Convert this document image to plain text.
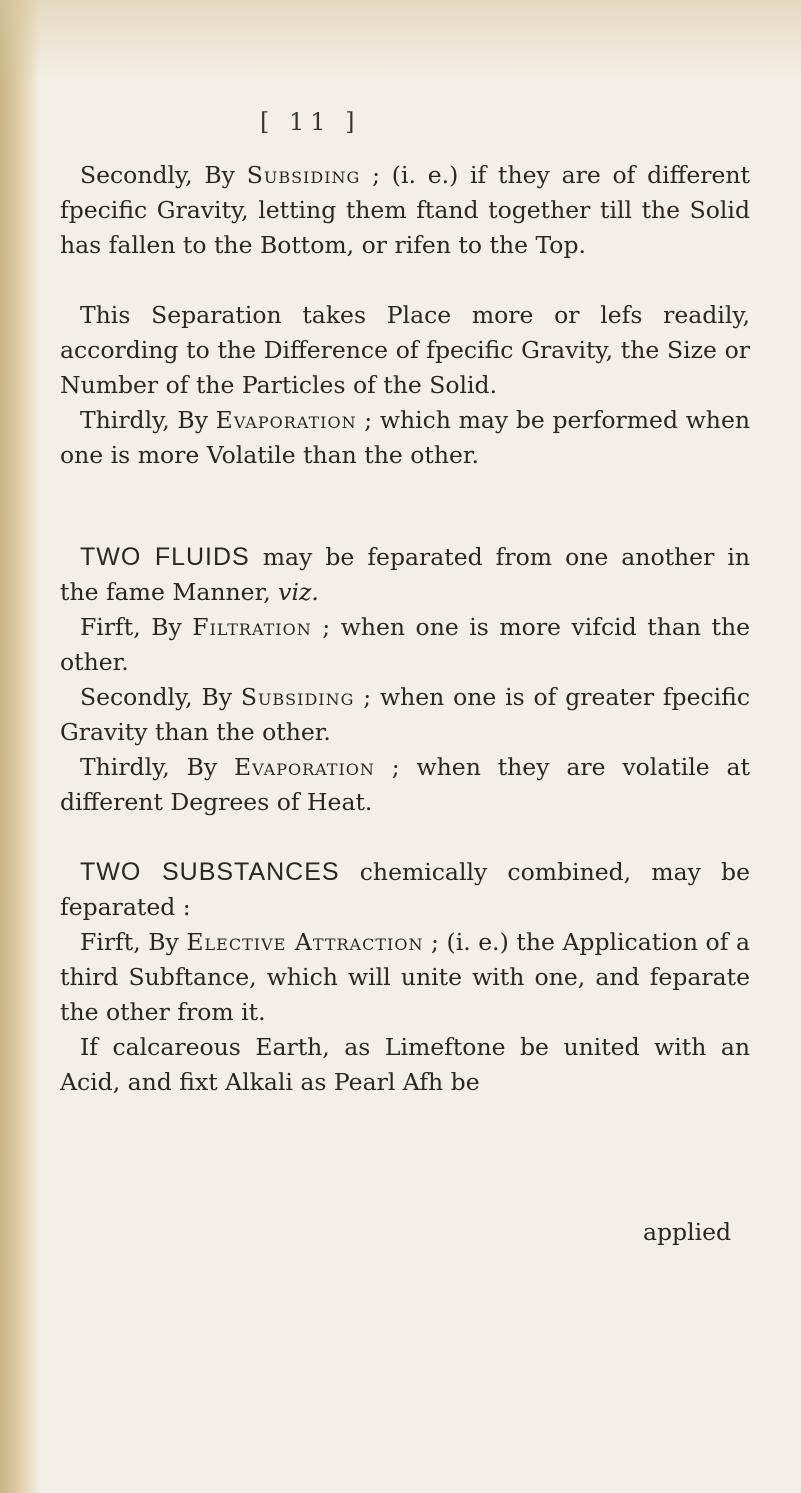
[ 11 ]

Secondly, By Subsiding ; (i. e.) if they are of different fpecific Gravity, letting them ftand together till the Solid has fallen to the Bottom, or rifen to the Top.

This Separation takes Place more or lefs readily, according to the Difference of fpecific Gravity, the Size or Number of the Particles of the Solid.

Thirdly, By Evaporation ; which may be performed when one is more Volatile than the other.

TWO FLUIDS may be feparated from one another in the fame Manner, viz.

Firft, By Filtration ; when one is more vifcid than the other.

Secondly, By Subsiding ; when one is of greater fpecific Gravity than the other.

Thirdly, By Evaporation ; when they are volatile at different Degrees of Heat.

TWO SUBSTANCES chemically combined, may be feparated :

Firft, By Elective Attraction ; (i. e.) the Application of a third Subftance, which will unite with one, and feparate the other from it.

If calcareous Earth, as Limeftone be united with an Acid, and fixt Alkali as Pearl Afh be

applied
